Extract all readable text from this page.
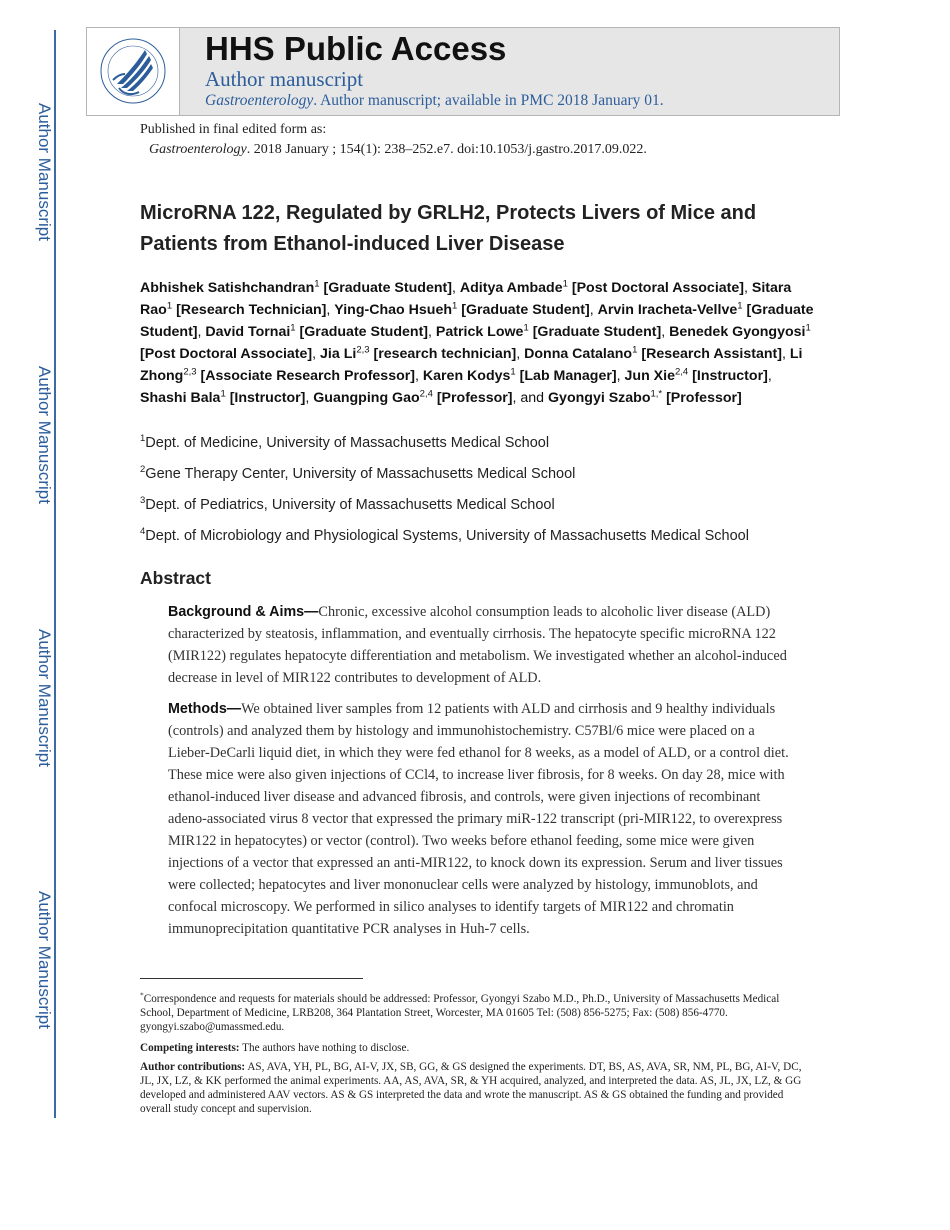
Author Manuscript
Author Manuscript
Author Manuscript
Author Manuscript
HHS Public Access
Author manuscript
Gastroenterology. Author manuscript; available in PMC 2018 January 01.
Published in final edited form as:
Gastroenterology. 2018 January ; 154(1): 238–252.e7. doi:10.1053/j.gastro.2017.09.022.
MicroRNA 122, Regulated by GRLH2, Protects Livers of Mice and Patients from Ethanol-induced Liver Disease
Abhishek Satishchandran$^1$ [Graduate Student], Aditya Ambade$^1$ [Post Doctoral Associate], Sitara Rao$^1$ [Research Technician], Ying-Chao Hsueh$^1$ [Graduate Student], Arvin Iracheta-Vellve$^1$ [Graduate Student], David Tornai$^1$ [Graduate Student], Patrick Lowe$^1$ [Graduate Student], Benedek Gyongyosi$^1$ [Post Doctoral Associate], Jia Li$^{2,3}$ [research technician], Donna Catalano$^1$ [Research Assistant], Li Zhong$^{2,3}$ [Associate Research Professor], Karen Kodys$^1$ [Lab Manager], Jun Xie$^{2,4}$ [Instructor], Shashi Bala$^1$ [Instructor], Guangping Gao$^{2,4}$ [Professor], and Gyongyi Szabo$^{1,*}$ [Professor]
$^1$Dept. of Medicine, University of Massachusetts Medical School
$^2$Gene Therapy Center, University of Massachusetts Medical School
$^3$Dept. of Pediatrics, University of Massachusetts Medical School
$^4$Dept. of Microbiology and Physiological Systems, University of Massachusetts Medical School
Abstract
Background & Aims—Chronic, excessive alcohol consumption leads to alcoholic liver disease (ALD) characterized by steatosis, inflammation, and eventually cirrhosis. The hepatocyte specific microRNA 122 (MIR122) regulates hepatocyte differentiation and metabolism. We investigated whether an alcohol-induced decrease in level of MIR122 contributes to development of ALD.
Methods—We obtained liver samples from 12 patients with ALD and cirrhosis and 9 healthy individuals (controls) and analyzed them by histology and immunohistochemistry. C57Bl/6 mice were placed on a Lieber-DeCarli liquid diet, in which they were fed ethanol for 8 weeks, as a model of ALD, or a control diet. These mice were also given injections of CCl4, to increase liver fibrosis, for 8 weeks. On day 28, mice with ethanol-induced liver disease and advanced fibrosis, and controls, were given injections of recombinant adeno-associated virus 8 vector that expressed the primary miR-122 transcript (pri-MIR122, to overexpress MIR122 in hepatocytes) or vector (control). Two weeks before ethanol feeding, some mice were given injections of a vector that expressed an anti-MIR122, to knock down its expression. Serum and liver tissues were collected; hepatocytes and liver mononuclear cells were analyzed by histology, immunoblots, and confocal microscopy. We performed in silico analyses to identify targets of MIR122 and chromatin immunoprecipitation quantitative PCR analyses in Huh-7 cells.
*Correspondence and requests for materials should be addressed: Professor, Gyongyi Szabo M.D., Ph.D., University of Massachusetts Medical School, Department of Medicine, LRB208, 364 Plantation Street, Worcester, MA 01605 Tel: (508) 856-5275; Fax: (508) 856-4770. gyongyi.szabo@umassmed.edu.
Competing interests: The authors have nothing to disclose.
Author contributions: AS, AVA, YH, PL, BG, AI-V, JX, SB, GG, & GS designed the experiments. DT, BS, AS, AVA, SR, NM, PL, BG, AI-V, DC, JL, JX, LZ, & KK performed the animal experiments. AA, AS, AVA, SR, & YH acquired, analyzed, and interpreted the data. AS, JL, JX, LZ, & GG developed and administered AAV vectors. AS & GS interpreted the data and wrote the manuscript. AS & GS obtained the funding and provided overall study concept and supervision.
